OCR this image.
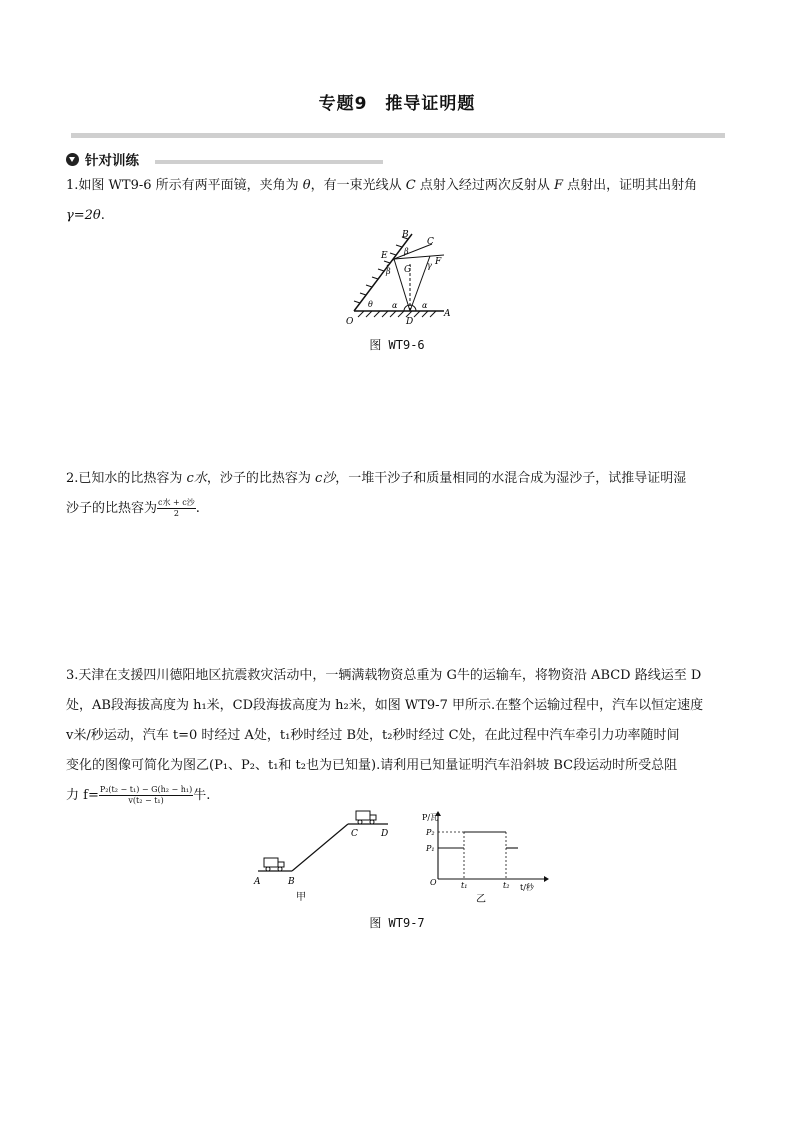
专题9　推导证明题
针对训练
1.如图 WT9-6 所示有两平面镜，夹角为 θ，有一束光线从 C 点射入经过两次反射从 F 点射出，证明其出射角
γ=2θ.
B
C
E
G
F
O	D
A
β
β
γ
θ α	α
图 WT9-6
2.已知水的比热容为 c水，沙子的比热容为 c沙，一堆干沙子和质量相同的水混合成为湿沙子，试推导证明湿
沙子的比热容为 $\frac{\text{c水 + c沙}}{2}$ .
3.天津在支援四川德阳地区抗震救灾活动中，一辆满载物资总重为 G牛的运输车，将物资沿 ABCD 路线运至 D
处，AB段海拔高度为 h₁米，CD段海拔高度为 h₂米，如图 WT9-7 甲所示.在整个运输过程中，汽车以恒定速度
v米/秒运动，汽车 t=0 时经过 A处，t₁秒时经过 B处，t₂秒时经过 C处，在此过程中汽车牵引力功率随时间
变化的图像可简化为图乙(P₁、P₂、t₁和 t₂也为已知量).请利用已知量证明汽车沿斜坡 BC段运动时所受总阻
力 $f= \frac{\text{P₂(t₂ − t₁) − G(h₂ − h₁)}}{\text{v(t₂ − t₁)}}$ 牛.
A	B
C	D
甲
P/瓦
P₂
P₁
O	t₁	t₂ t/秒
乙
图 WT9-7
